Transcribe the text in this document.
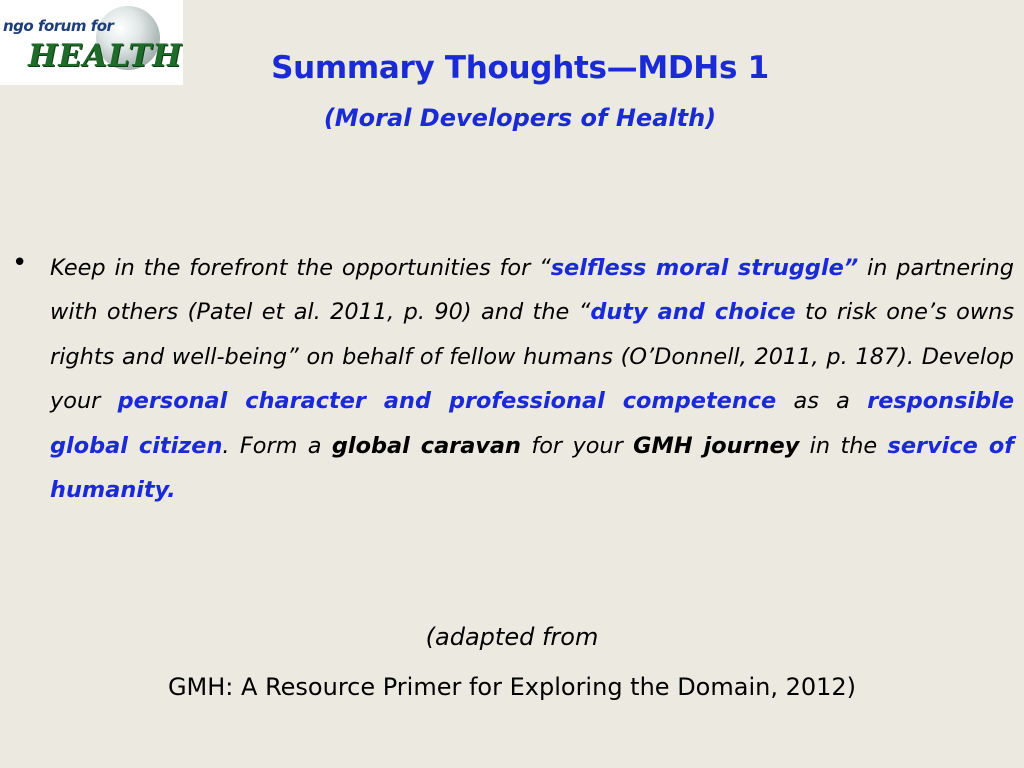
ngo forum for
HEALTH	Summary Thoughts—MDHs 1
(Moral Developers of Health)
• Keep in the forefront the opportunities for “selfless moral struggle” in partnering with others (Patel et al. 2011, p. 90) and the “duty and choice to risk one’s owns rights and well-being” on behalf of fellow humans (O’Donnell, 2011, p. 187). Develop your personal character and professional competence as a responsible global citizen. Form a global caravan for your GMH journey in the service of humanity.
(adapted from
GMH: A Resource Primer for Exploring the Domain, 2012)
